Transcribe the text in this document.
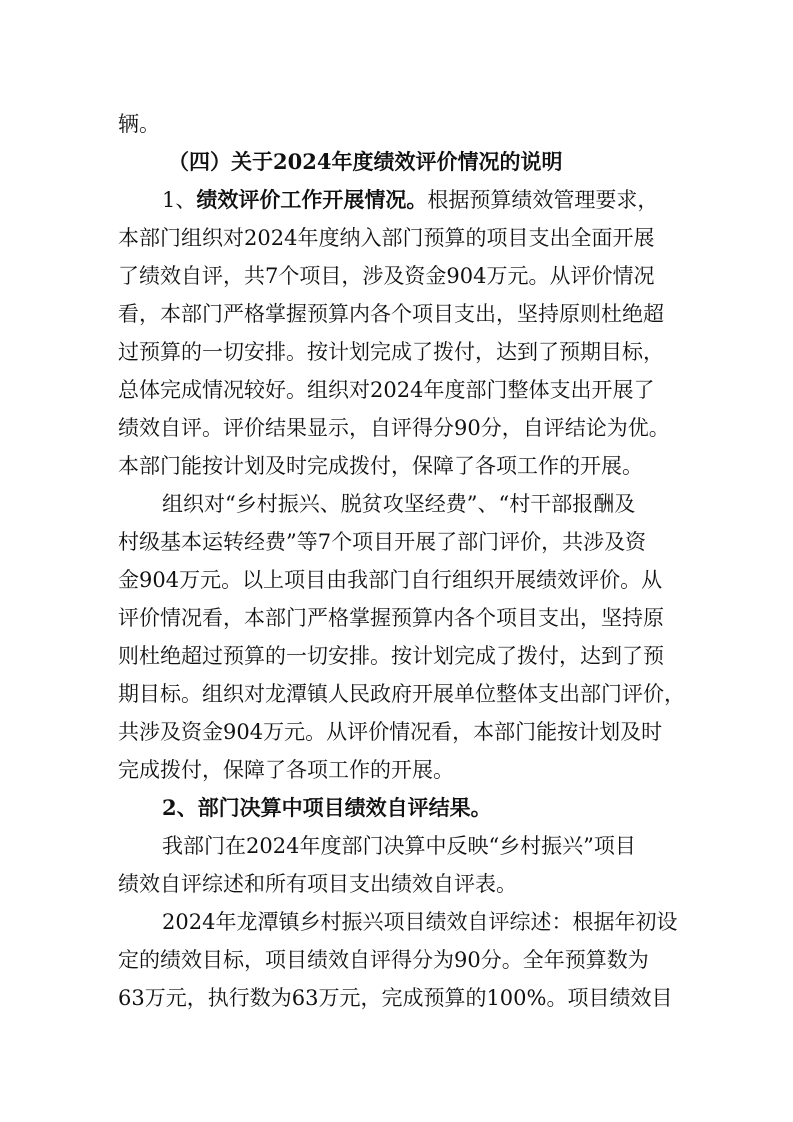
辆。
（四）关于2024年度绩效评价情况的说明
1、绩效评价工作开展情况。根据预算绩效管理要求，
本部门组织对2024年度纳入部门预算的项目支出全面开展
了绩效自评，共7个项目，涉及资金904万元。从评价情况
看，本部门严格掌握预算内各个项目支出，坚持原则杜绝超
过预算的一切安排。按计划完成了拨付，达到了预期目标，
总体完成情况较好。组织对2024年度部门整体支出开展了
绩效自评。评价结果显示，自评得分90分，自评结论为优。
本部门能按计划及时完成拨付，保障了各项工作的开展。
组织对“乡村振兴、脱贫攻坚经费”、“村干部报酬及
村级基本运转经费”等7个项目开展了部门评价，共涉及资
金904万元。以上项目由我部门自行组织开展绩效评价。从
评价情况看，本部门严格掌握预算内各个项目支出，坚持原
则杜绝超过预算的一切安排。按计划完成了拨付，达到了预
期目标。组织对龙潭镇人民政府开展单位整体支出部门评价，
共涉及资金904万元。从评价情况看，本部门能按计划及时
完成拨付，保障了各项工作的开展。
2、部门决算中项目绩效自评结果。
我部门在2024年度部门决算中反映“乡村振兴”项目
绩效自评综述和所有项目支出绩效自评表。
2024年龙潭镇乡村振兴项目绩效自评综述：根据年初设
定的绩效目标，项目绩效自评得分为90分。全年预算数为
63万元，执行数为63万元，完成预算的100%。项目绩效目
